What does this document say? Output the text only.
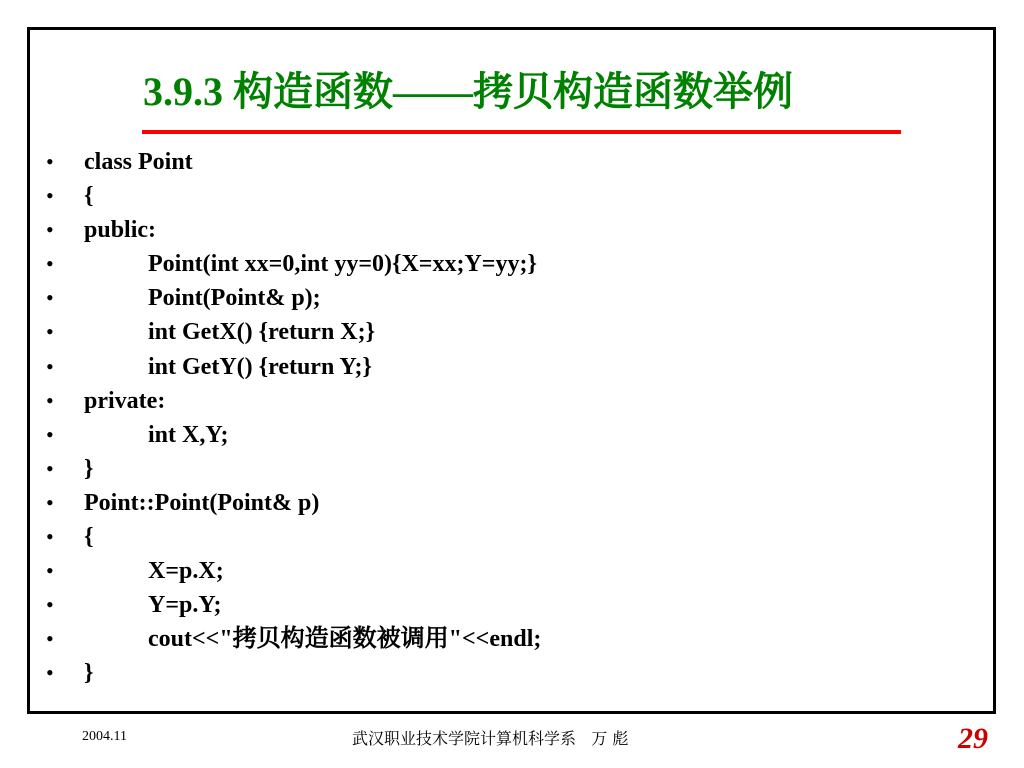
3.9.3 构造函数——拷贝构造函数举例
• class Point
• {
• public:
•	Point(int xx=0,int yy=0){X=xx;Y=yy;}
•	Point(Point& p);
•	int GetX() {return X;}
•	int GetY() {return Y;}
• private:
•	int X,Y;
• }
• Point::Point(Point& p)
• {
•	X=p.X;
•	Y=p.Y;
•	cout<<"拷贝构造函数被调用"<<endl;
• }
2004.11	武汉职业技术学院计算机科学系   万 彪	29
